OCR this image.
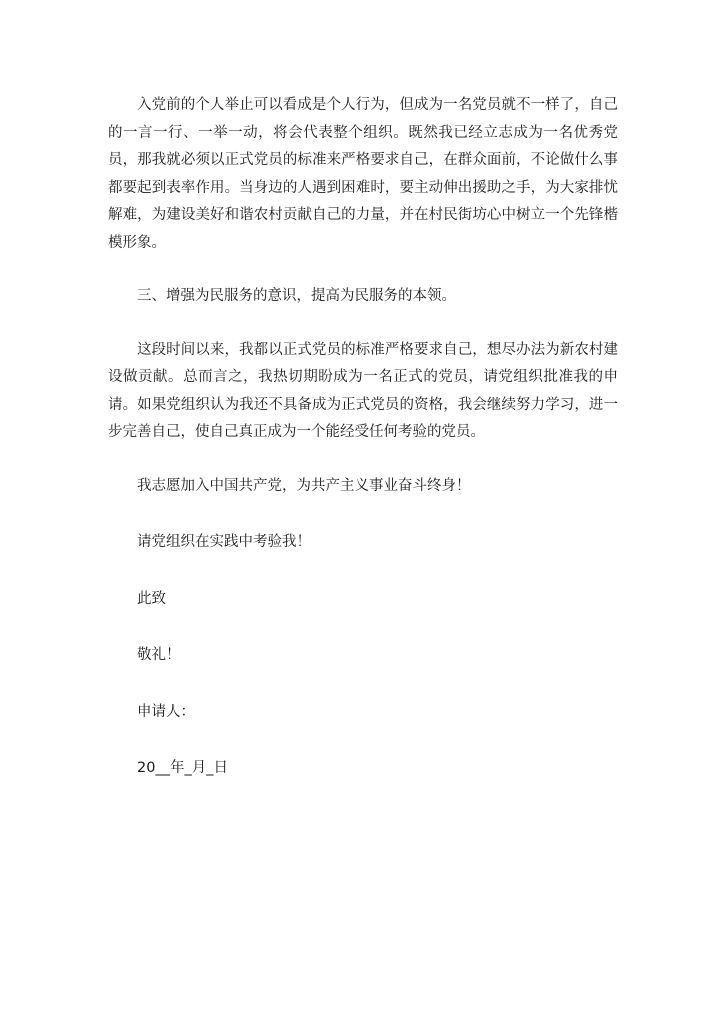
入党前的个人举止可以看成是个人行为，但成为一名党员就不一样了，自己的一言一行、一举一动，将会代表整个组织。既然我已经立志成为一名优秀党员，那我就必须以正式党员的标准来严格要求自己，在群众面前，不论做什么事都要起到表率作用。当身边的人遇到困难时，要主动伸出援助之手，为大家排忧解难，为建设美好和谐农村贡献自己的力量，并在村民街坊心中树立一个先锋楷模形象。

三、增强为民服务的意识，提高为民服务的本领。

这段时间以来，我都以正式党员的标准严格要求自己，想尽办法为新农村建设做贡献。总而言之，我热切期盼成为一名正式的党员，请党组织批准我的申请。如果党组织认为我还不具备成为正式党员的资格，我会继续努力学习，进一步完善自己，使自己真正成为一个能经受任何考验的党员。

我志愿加入中国共产党，为共产主义事业奋斗终身！

请党组织在实践中考验我！

此致

敬礼！

申请人：

20__年_月_日
